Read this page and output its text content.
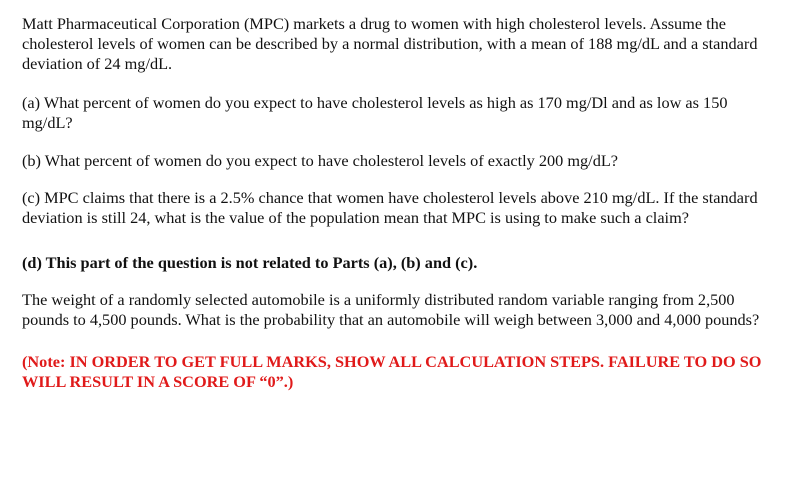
Matt Pharmaceutical Corporation (MPC) markets a drug to women with high cholesterol levels. Assume the cholesterol levels of women can be described by a normal distribution, with a mean of 188 mg/dL and a standard deviation of 24 mg/dL.

(a) What percent of women do you expect to have cholesterol levels as high as 170 mg/Dl and as low as 150 mg/dL?

(b) What percent of women do you expect to have cholesterol levels of exactly 200 mg/dL?

(c) MPC claims that there is a 2.5% chance that women have cholesterol levels above 210 mg/dL. If the standard deviation is still 24, what is the value of the population mean that MPC is using to make such a claim?

(d) This part of the question is not related to Parts (a), (b) and (c).

The weight of a randomly selected automobile is a uniformly distributed random variable ranging from 2,500 pounds to 4,500 pounds. What is the probability that an automobile will weigh between 3,000 and 4,000 pounds?

(Note: IN ORDER TO GET FULL MARKS, SHOW ALL CALCULATION STEPS. FAILURE TO DO SO WILL RESULT IN A SCORE OF “0”.)
